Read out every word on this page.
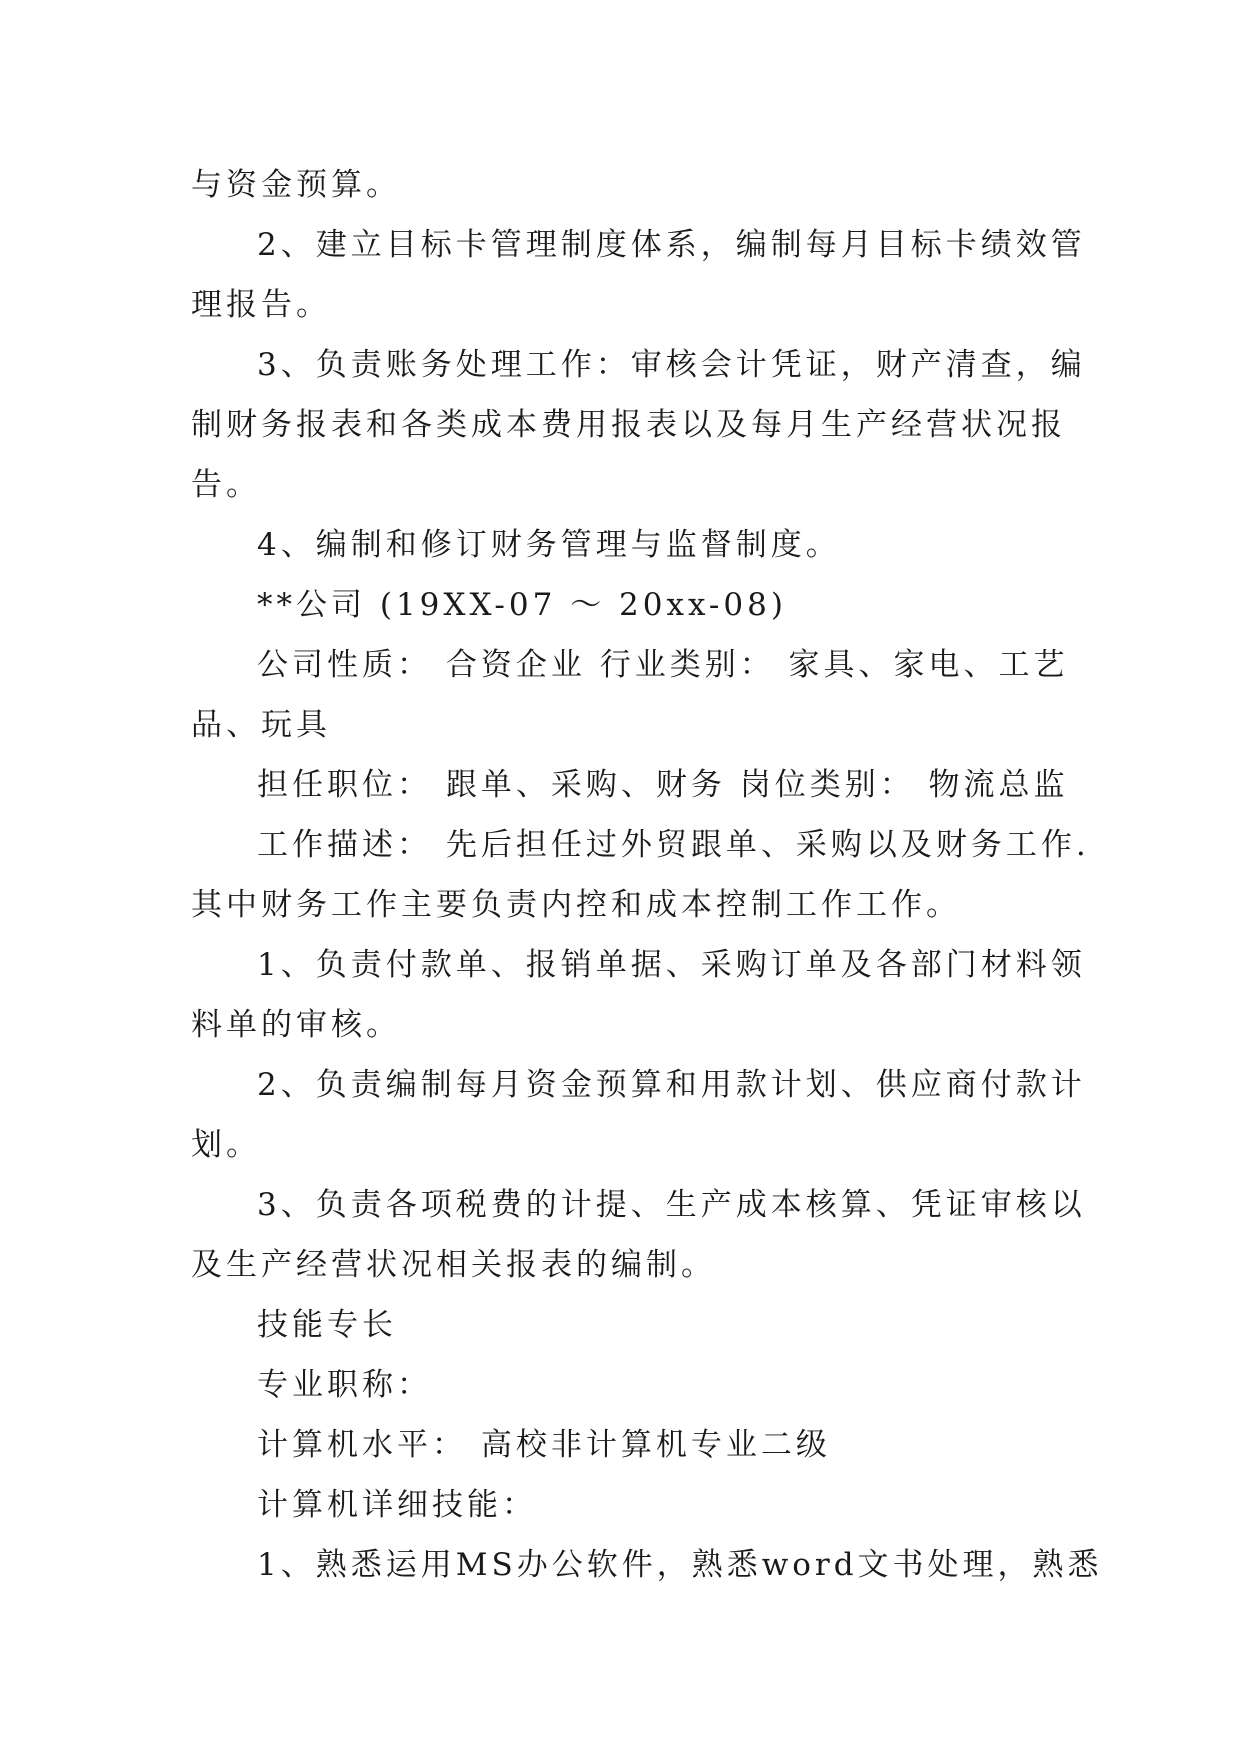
与资金预算。
2、建立目标卡管理制度体系，编制每月目标卡绩效管
理报告。
3、负责账务处理工作：审核会计凭证，财产清查，编
制财务报表和各类成本费用报表以及每月生产经营状况报
告。
4、编制和修订财务管理与监督制度。
**公司 (19XX-07 ～ 20xx-08)
公司性质： 合资企业 行业类别： 家具、家电、工艺
品、玩具
担任职位： 跟单、采购、财务 岗位类别： 物流总监
工作描述： 先后担任过外贸跟单、采购以及财务工作.
其中财务工作主要负责内控和成本控制工作工作。
1、负责付款单、报销单据、采购订单及各部门材料领
料单的审核。
2、负责编制每月资金预算和用款计划、供应商付款计
划。
3、负责各项税费的计提、生产成本核算、凭证审核以
及生产经营状况相关报表的编制。
技能专长
专业职称：
计算机水平： 高校非计算机专业二级
计算机详细技能：
1、熟悉运用MS办公软件，熟悉word文书处理，熟悉
